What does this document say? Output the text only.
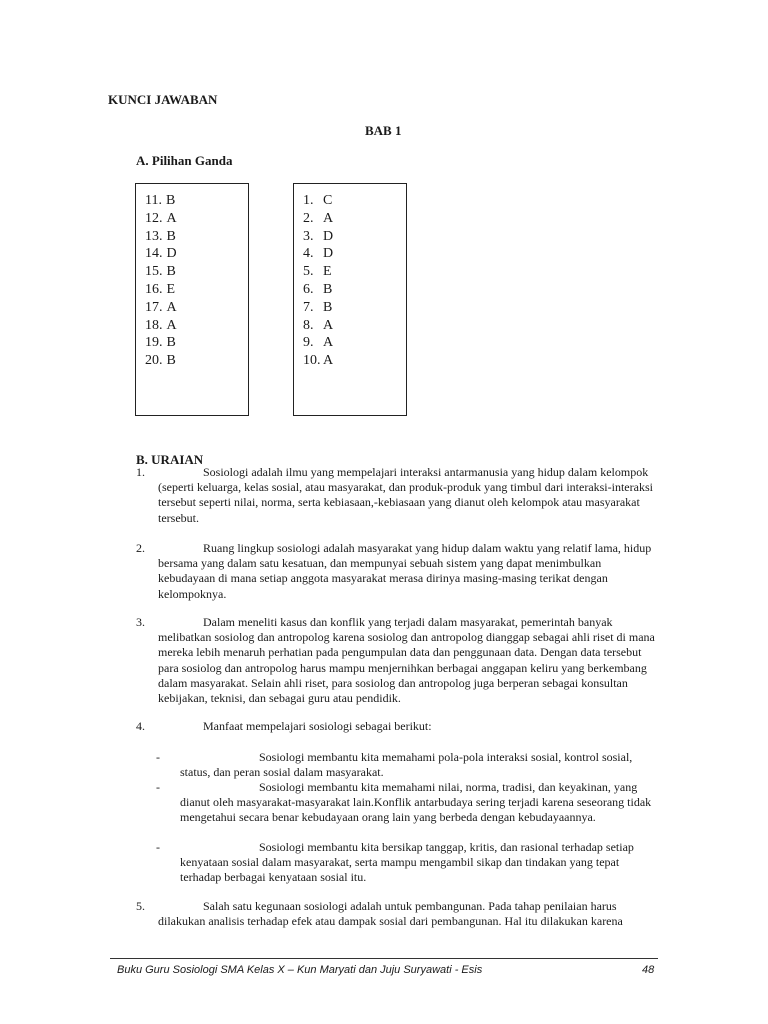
KUNCI JAWABAN
BAB 1
A. Pilihan Ganda
11. B
12. A
13. B
14. D
15. B
16. E
17. A
18. A
19. B
20. B
1. C
2. A
3. D
4. D
5. E
6. B
7. B
8. A
9. A
10. A
B. URAIAN
1.	Sosiologi adalah ilmu yang mempelajari interaksi antarmanusia yang hidup dalam kelompok (seperti keluarga, kelas sosial, atau masyarakat, dan produk-produk yang timbul dari interaksi-interaksi tersebut seperti nilai, norma, serta kebiasaan,-kebiasaan yang dianut oleh kelompok atau masyarakat tersebut.
2.	Ruang lingkup sosiologi adalah masyarakat yang hidup dalam waktu yang relatif lama, hidup bersama yang dalam satu kesatuan, dan mempunyai sebuah sistem yang dapat menimbulkan kebudayaan di mana setiap anggota masyarakat merasa dirinya masing-masing terikat dengan kelompoknya.
3.	Dalam meneliti kasus dan konflik yang terjadi dalam masyarakat, pemerintah banyak melibatkan sosiolog dan antropolog karena sosiolog dan antropolog dianggap sebagai ahli riset di mana mereka lebih menaruh perhatian pada pengumpulan data dan penggunaan data. Dengan data tersebut para sosiolog dan antropolog harus mampu menjernihkan berbagai anggapan keliru yang berkembang dalam masyarakat. Selain ahli riset, para sosiolog dan antropolog juga berperan sebagai konsultan kebijakan, teknisi, dan sebagai guru atau pendidik.
4.	Manfaat mempelajari sosiologi sebagai berikut:
-	Sosiologi membantu kita memahami pola-pola interaksi sosial, kontrol sosial, status, dan peran sosial dalam masyarakat.
-	Sosiologi membantu kita memahami nilai, norma, tradisi, dan keyakinan, yang dianut oleh masyarakat-masyarakat lain.Konflik antarbudaya sering terjadi karena seseorang tidak mengetahui secara benar kebudayaan orang lain yang berbeda dengan kebudayaannya.
-	Sosiologi membantu kita bersikap tanggap, kritis, dan rasional terhadap setiap kenyataan sosial dalam masyarakat, serta mampu mengambil sikap dan tindakan yang tepat terhadap berbagai kenyataan sosial itu.
5.	Salah satu kegunaan sosiologi adalah untuk pembangunan. Pada tahap penilaian harus dilakukan analisis terhadap efek atau dampak sosial dari pembangunan. Hal itu dilakukan karena
Buku Guru Sosiologi SMA Kelas X – Kun Maryati dan Juju Suryawati - Esis	48
